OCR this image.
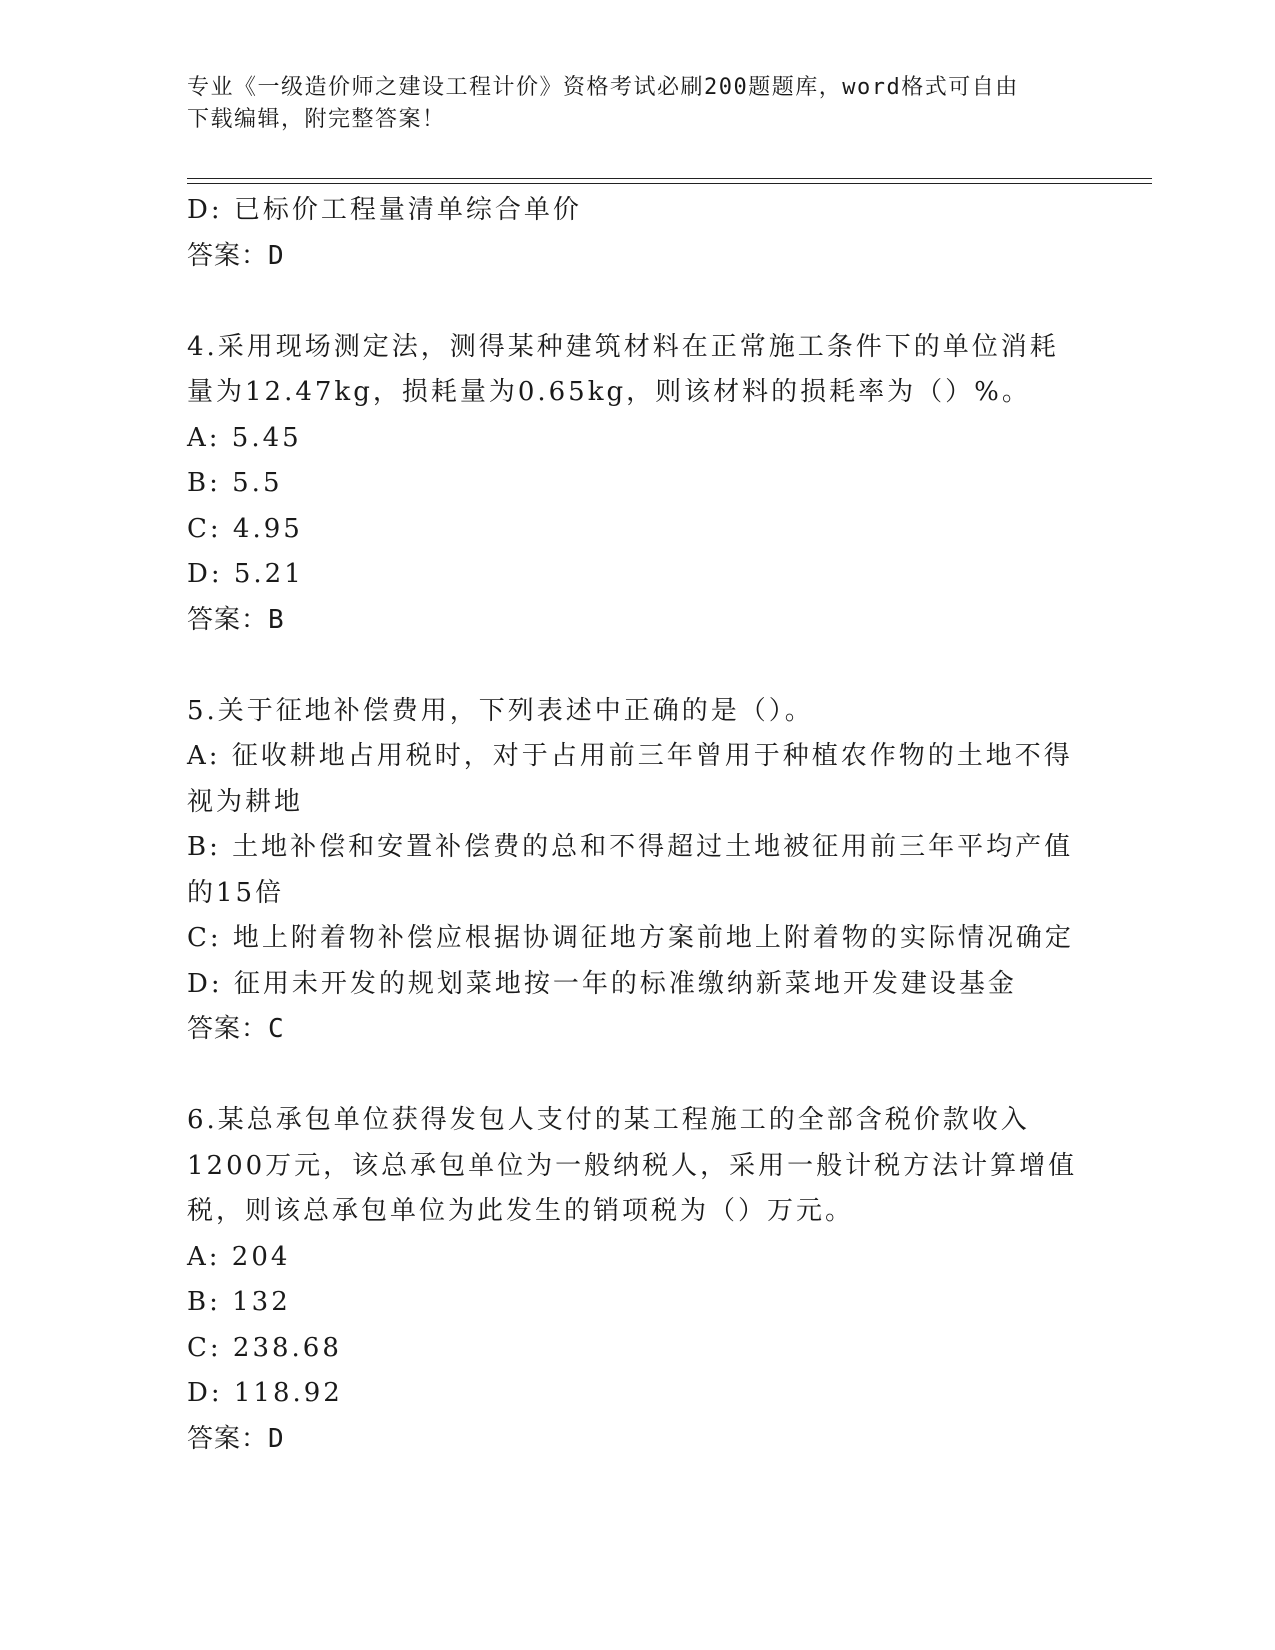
专业《一级造价师之建设工程计价》资格考试必刷200题题库，word格式可自由
下载编辑，附完整答案！
D: 已标价工程量清单综合单价
答案：D
4.采用现场测定法，测得某种建筑材料在正常施工条件下的单位消耗
量为12.47kg，损耗量为0.65kg，则该材料的损耗率为（）%。
A: 5.45
B: 5.5
C: 4.95
D: 5.21
答案：B
5.关于征地补偿费用，下列表述中正确的是（）。
A: 征收耕地占用税时，对于占用前三年曾用于种植农作物的土地不得
视为耕地
B: 土地补偿和安置补偿费的总和不得超过土地被征用前三年平均产值
的15倍
C: 地上附着物补偿应根据协调征地方案前地上附着物的实际情况确定
D: 征用未开发的规划菜地按一年的标准缴纳新菜地开发建设基金
答案：C
6.某总承包单位获得发包人支付的某工程施工的全部含税价款收入
1200万元，该总承包单位为一般纳税人，采用一般计税方法计算增值
税，则该总承包单位为此发生的销项税为（）万元。
A: 204
B: 132
C: 238.68
D: 118.92
答案：D
